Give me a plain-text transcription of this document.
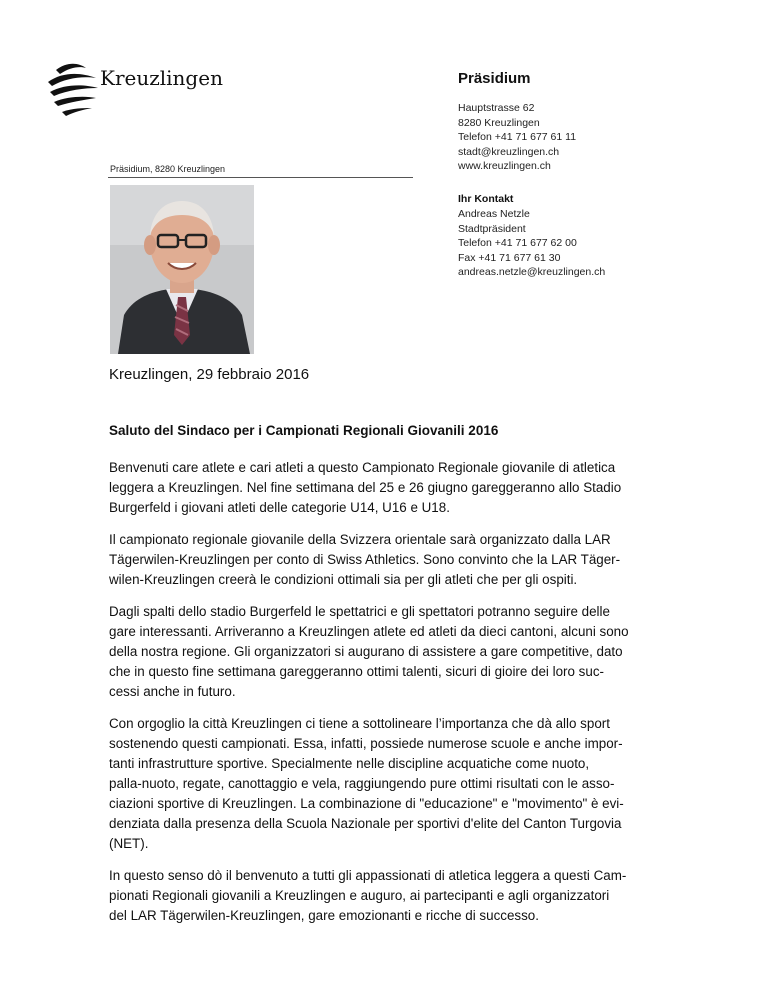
Kreuzlingen
Präsidium, 8280 Kreuzlingen
Präsidium
Hauptstrasse 62
8280 Kreuzlingen
Telefon +41 71 677 61 11
stadt@kreuzlingen.ch
www.kreuzlingen.ch
Ihr Kontakt
Andreas Netzle
Stadtpräsident
Telefon +41 71 677 62 00
Fax +41 71 677 61 30
andreas.netzle@kreuzlingen.ch
Kreuzlingen, 29 febbraio 2016
Saluto del Sindaco per i Campionati Regionali Giovanili 2016
Benvenuti care atlete e cari atleti a questo Campionato Regionale giovanile di atletica
leggera a Kreuzlingen. Nel fine settimana del 25 e 26 giugno gareggeranno allo Stadio
Burgerfeld i giovani atleti delle categorie U14, U16 e U18.
Il campionato regionale giovanile della Svizzera orientale sarà organizzato dalla LAR
Tägerwilen-Kreuzlingen per conto di Swiss Athletics. Sono convinto che la LAR Täger-
wilen-Kreuzlingen creerà le condizioni ottimali sia per gli atleti che per gli ospiti.
Dagli spalti dello stadio Burgerfeld le spettatrici e gli spettatori potranno seguire delle
gare interessanti. Arriveranno a Kreuzlingen atlete ed atleti da dieci cantoni, alcuni sono
della nostra regione. Gli organizzatori si augurano di assistere a gare competitive, dato
che in questo fine settimana gareggeranno ottimi talenti, sicuri di gioire dei loro suc-
cessi anche in futuro.
Con orgoglio la città Kreuzlingen ci tiene a sottolineare l’importanza che dà allo sport
sostenendo questi campionati. Essa, infatti, possiede numerose scuole e anche impor-
tanti infrastrutture sportive. Specialmente nelle discipline acquatiche come nuoto,
palla-nuoto, regate, canottaggio e vela, raggiungendo pure ottimi risultati con le asso-
ciazioni sportive di Kreuzlingen. La combinazione di "educazione" e "movimento" è evi-
denziata dalla presenza della Scuola Nazionale per sportivi d'elite del Canton Turgovia
(NET).
In questo senso dò il benvenuto a tutti gli appassionati di atletica leggera a questi Cam-
pionati Regionali giovanili a Kreuzlingen e auguro, ai partecipanti e agli organizzatori
del LAR Tägerwilen-Kreuzlingen, gare emozionanti e ricche di successo.
